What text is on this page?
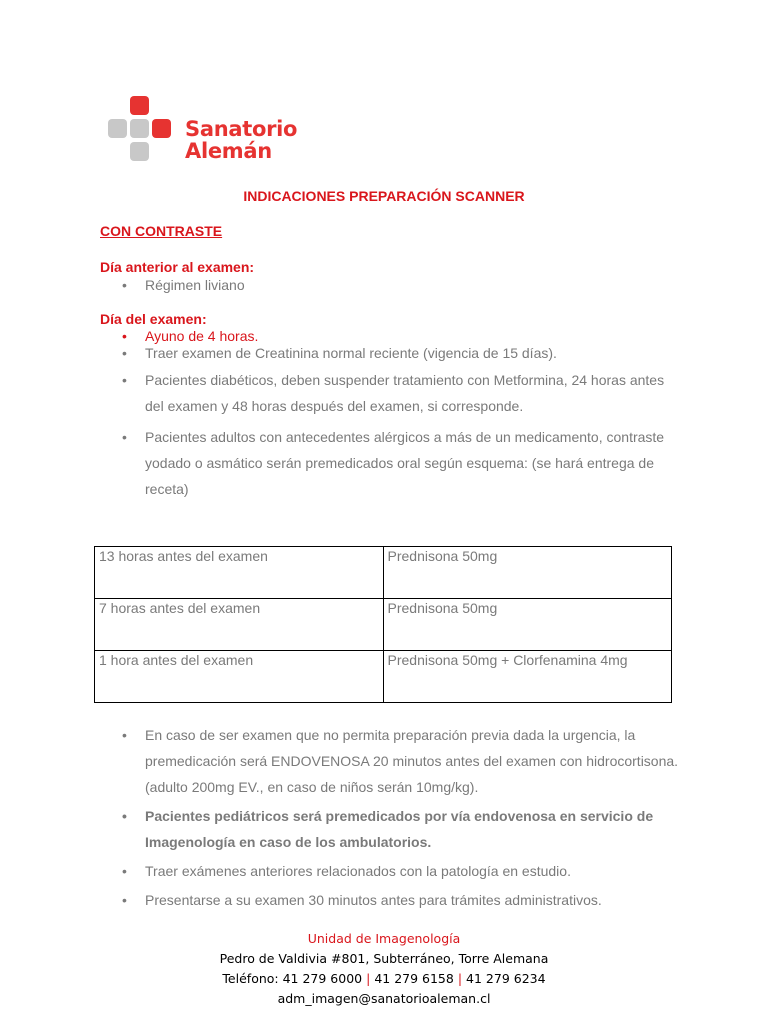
Sanatorio
Alemán
INDICACIONES PREPARACIÓN SCANNER
CON CONTRASTE
Día anterior al examen:
• Régimen liviano
Día del examen:
• Ayuno de 4 horas.
• Traer examen de Creatinina normal reciente (vigencia de 15 días).
• Pacientes diabéticos, deben suspender tratamiento con Metformina, 24 horas antes del examen y 48 horas después del examen, si corresponde.
• Pacientes adultos con antecedentes alérgicos a más de un medicamento, contraste yodado o asmático serán premedicados oral según esquema: (se hará entrega de receta)
13 horas antes del examen	Prednisona 50mg
7 horas antes del examen	Prednisona 50mg
1 hora antes del examen	Prednisona 50mg + Clorfenamina 4mg
• En caso de ser examen que no permita preparación previa dada la urgencia, la premedicación será ENDOVENOSA 20 minutos antes del examen con hidrocortisona. (adulto 200mg EV., en caso de niños serán 10mg/kg).
• Pacientes pediátricos será premedicados por vía endovenosa en servicio de Imagenología en caso de los ambulatorios.
• Traer exámenes anteriores relacionados con la patología en estudio.
• Presentarse a su examen 30 minutos antes para trámites administrativos.
Unidad de Imagenología
Pedro de Valdivia #801, Subterráneo, Torre Alemana
Teléfono: 41 279 6000 | 41 279 6158 | 41 279 6234
adm_imagen@sanatorioaleman.cl
